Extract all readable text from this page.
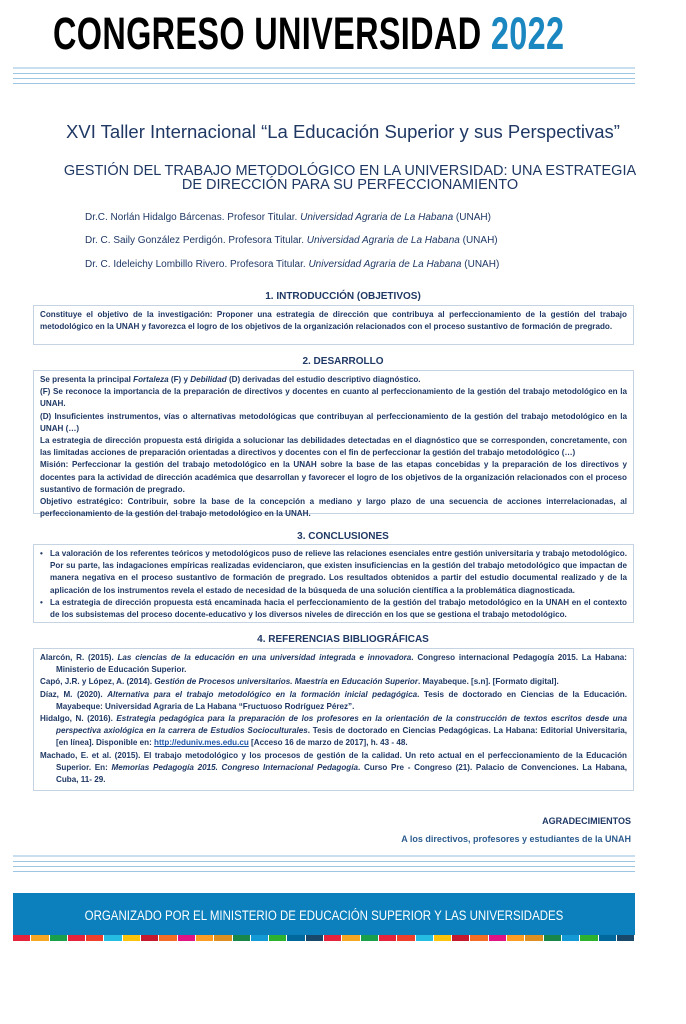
CONGRESO UNIVERSIDAD 2022
XVI Taller Internacional “La Educación Superior y sus Perspectivas”
GESTIÓN DEL TRABAJO METODOLÓGICO EN LA UNIVERSIDAD: UNA ESTRATEGIA DE DIRECCIÓN PARA SU PERFECCIONAMIENTO
Dr.C. Norlán Hidalgo Bárcenas. Profesor Titular. Universidad Agraria de La Habana (UNAH)
Dr. C. Saily González Perdigón. Profesora Titular. Universidad Agraria de La Habana (UNAH)
Dr. C. Ideleichy Lombillo Rivero. Profesora Titular. Universidad Agraria de La Habana (UNAH)
1. INTRODUCCIÓN (OBJETIVOS)

Constituye el objetivo de la investigación: Proponer una estrategia de dirección que contribuya al perfeccionamiento de la gestión del trabajo metodológico en la UNAH y favorezca el logro de los objetivos de la organización relacionados con el proceso sustantivo de formación de pregrado.

2. DESARROLLO

Se presenta la principal Fortaleza (F) y Debilidad (D) derivadas del estudio descriptivo diagnóstico.

(F) Se reconoce la importancia de la preparación de directivos y docentes en cuanto al perfeccionamiento de la gestión del trabajo metodológico en la UNAH.

(D) Insuficientes instrumentos, vías o alternativas metodológicas que contribuyan al perfeccionamiento de la gestión del trabajo metodológico en la UNAH (…)

La estrategia de dirección propuesta está dirigida a solucionar las debilidades detectadas en el diagnóstico que se corresponden, concretamente, con las limitadas acciones de preparación orientadas a directivos y docentes con el fin de perfeccionar la gestión del trabajo metodológico (…)

Misión: Perfeccionar la gestión del trabajo metodológico en la UNAH sobre la base de las etapas concebidas y la preparación de los directivos y docentes para la actividad de dirección académica que desarrollan y favorecer el logro de los objetivos de la organización relacionados con el proceso sustantivo de formación de pregrado.

Objetivo estratégico: Contribuir, sobre la base de la concepción a mediano y largo plazo de una secuencia de acciones interrelacionadas, al perfeccionamiento de la gestión del trabajo metodológico en la UNAH.

3. CONCLUSIONES

• La valoración de los referentes teóricos y metodológicos puso de relieve las relaciones esenciales entre gestión universitaria y trabajo metodológico. Por su parte, las indagaciones empíricas realizadas evidenciaron, que existen insuficiencias en la gestión del trabajo metodológico que impactan de manera negativa en el proceso sustantivo de formación de pregrado. Los resultados obtenidos a partir del estudio documental realizado y de la aplicación de los instrumentos revela el estado de necesidad de la búsqueda de una solución científica a la problemática diagnosticada.

• La estrategia de dirección propuesta está encaminada hacia el perfeccionamiento de la gestión del trabajo metodológico en la UNAH en el contexto de los subsistemas del proceso docente-educativo y los diversos niveles de dirección en los que se gestiona el trabajo metodológico.

4. REFERENCIAS BIBLIOGRÁFICAS

Alarcón, R. (2015). Las ciencias de la educación en una universidad integrada e innovadora. Congreso internacional Pedagogía 2015. La Habana: Ministerio de Educación Superior.

Capó, J.R. y López, A. (2014). Gestión de Procesos universitarios. Maestría en Educación Superior. Mayabeque. [s.n]. [Formato digital].

Díaz, M. (2020). Alternativa para el trabajo metodológico en la formación inicial pedagógica. Tesis de doctorado en Ciencias de la Educación. Mayabeque: Universidad Agraria de La Habana “Fructuoso Rodríguez Pérez”.

Hidalgo, N. (2016). Estrategia pedagógica para la preparación de los profesores en la orientación de la construcción de textos escritos desde una perspectiva axiológica en la carrera de Estudios Socioculturales. Tesis de doctorado en Ciencias Pedagógicas. La Habana: Editorial Universitaria, [en línea]. Disponible en: http://eduniv.mes.edu.cu [Acceso 16 de marzo de 2017], h. 43 - 48.

Machado, E. et al. (2015). El trabajo metodológico y los procesos de gestión de la calidad. Un reto actual en el perfeccionamiento de la Educación Superior. En: Memorias Pedagogía 2015. Congreso Internacional Pedagogía. Curso Pre - Congreso (21). Palacio de Convenciones. La Habana, Cuba, 11- 29.

AGRADECIMIENTOS
A los directivos, profesores y estudiantes de la UNAH
ORGANIZADO POR EL MINISTERIO DE EDUCACIÓN SUPERIOR Y LAS UNIVERSIDADES CUBANAS
